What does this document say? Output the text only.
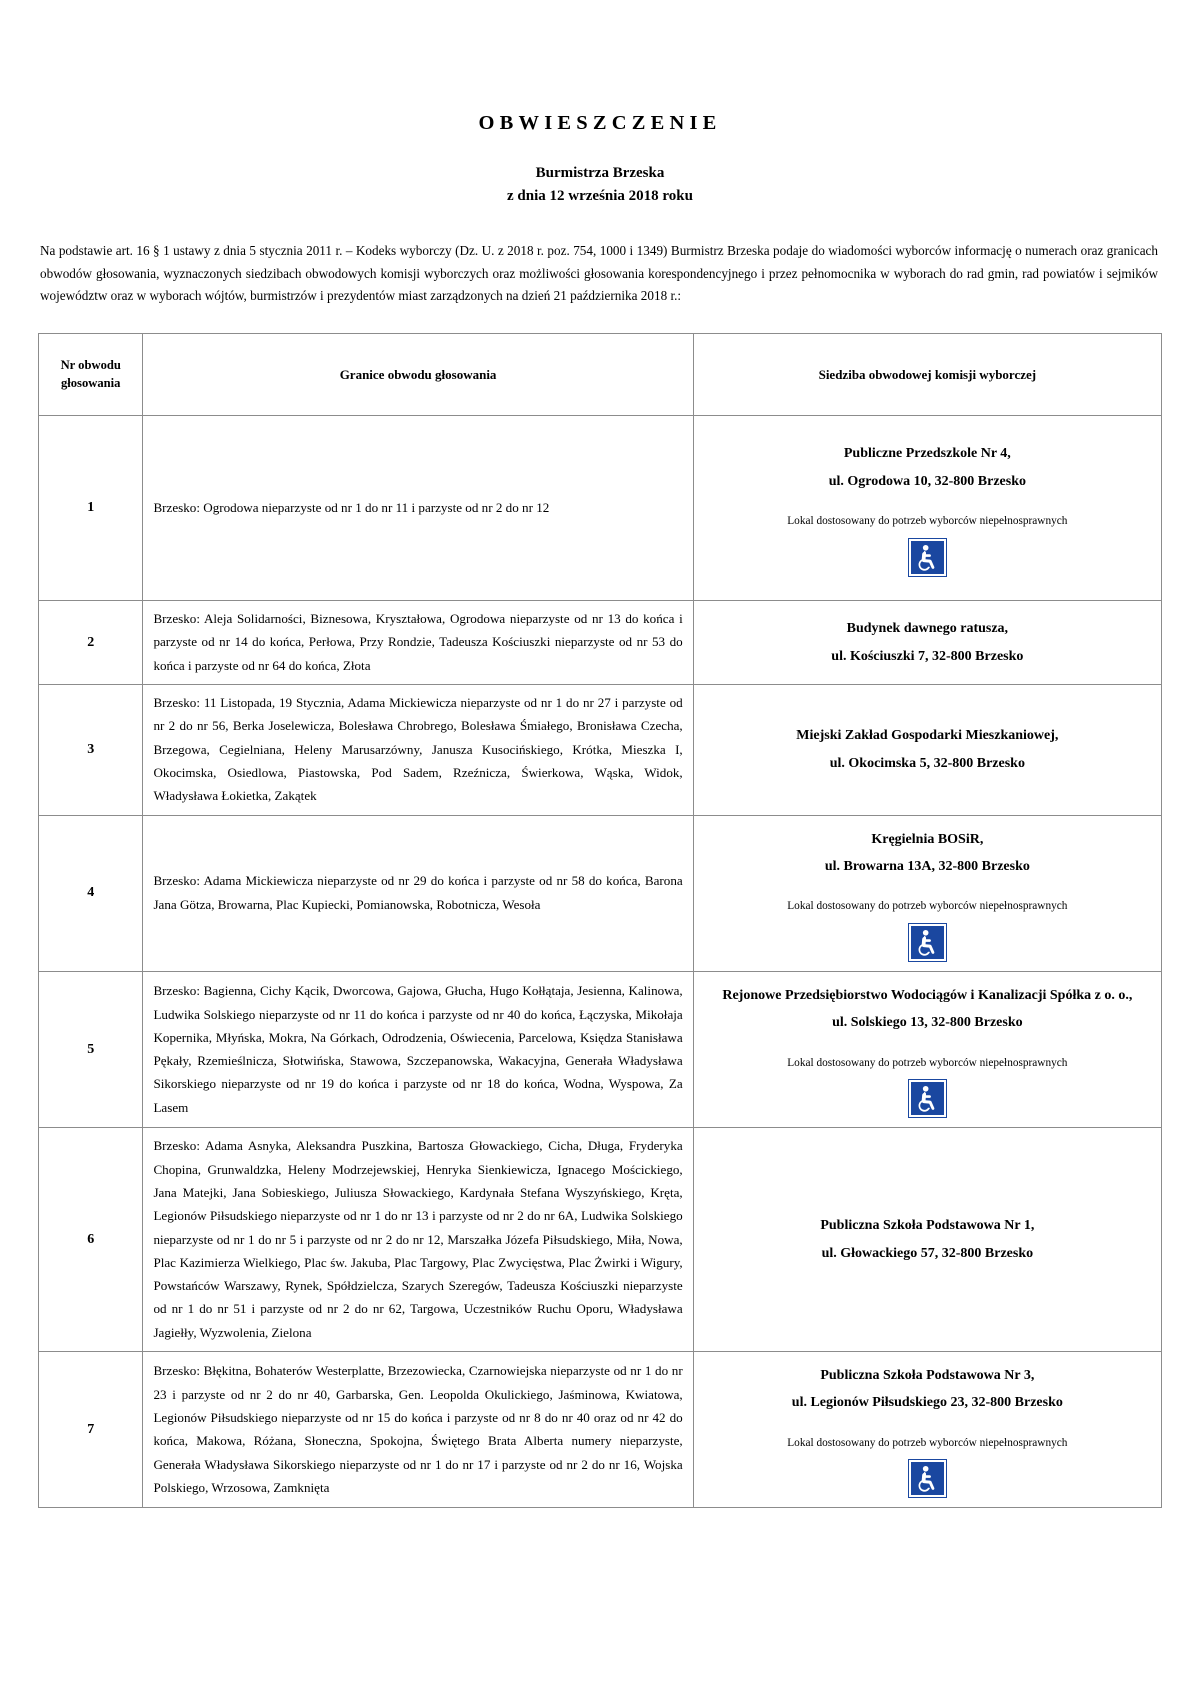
OBWIESZCZENIE
Burmistrza Brzeska
z dnia 12 września 2018 roku

Na podstawie art. 16 § 1 ustawy z dnia 5 stycznia 2011 r. – Kodeks wyborczy (Dz. U. z 2018 r. poz. 754, 1000 i 1349) Burmistrz Brzeska podaje do wiadomości wyborców informację o numerach oraz granicach obwodów głosowania, wyznaczonych siedzibach obwodowych komisji wyborczych oraz możliwości głosowania korespondencyjnego i przez pełnomocnika w wyborach do rad gmin, rad powiatów i sejmików województw oraz w wyborach wójtów, burmistrzów i prezydentów miast zarządzonych na dzień 21 października 2018 r.:

Nr obwodu głosowania	Granice obwodu głosowania	Siedziba obwodowej komisji wyborczej
1	Brzesko: Ogrodowa nieparzyste od nr 1 do nr 11 i parzyste od nr 2 do nr 12	Publiczne Przedszkole Nr 4,
ul. Ogrodowa 10, 32-800 Brzesko
Lokal dostosowany do potrzeb wyborców niepełnosprawnych

2	Brzesko: Aleja Solidarności, Biznesowa, Kryształowa, Ogrodowa nieparzyste od nr 13 do końca i parzyste od nr 14 do końca, Perłowa, Przy Rondzie, Tadeusza Kościuszki nieparzyste od nr 53 do końca i parzyste od nr 64 do końca, Złota	Budynek dawnego ratusza,
ul. Kościuszki 7, 32-800 Brzesko

3	Brzesko: 11 Listopada, 19 Stycznia, Adama Mickiewicza nieparzyste od nr 1 do nr 27 i parzyste od nr 2 do nr 56, Berka Joselewicza, Bolesława Chrobrego, Bolesława Śmiałego, Bronisława Czecha, Brzegowa, Cegielniana, Heleny Marusarzówny, Janusza Kusocińskiego, Krótka, Mieszka I, Okocimska, Osiedlowa, Piastowska, Pod Sadem, Rzeźnicza, Świerkowa, Wąska, Widok, Władysława Łokietka, Zakątek	Miejski Zakład Gospodarki Mieszkaniowej,
ul. Okocimska 5, 32-800 Brzesko

4	Brzesko: Adama Mickiewicza nieparzyste od nr 29 do końca i parzyste od nr 58 do końca, Barona Jana Götza, Browarna, Plac Kupiecki, Pomianowska, Robotnicza, Wesoła	Kręgielnia BOSiR,
ul. Browarna 13A, 32-800 Brzesko
Lokal dostosowany do potrzeb wyborców niepełnosprawnych

5	Brzesko: Bagienna, Cichy Kącik, Dworcowa, Gajowa, Głucha, Hugo Kołłątaja, Jesienna, Kalinowa, Ludwika Solskiego nieparzyste od nr 11 do końca i parzyste od nr 40 do końca, Łączyska, Mikołaja Kopernika, Młyńska, Mokra, Na Górkach, Odrodzenia, Oświecenia, Parcelowa, Księdza Stanisława Pękały, Rzemieślnicza, Słotwińska, Stawowa, Szczepanowska, Wakacyjna, Generała Władysława Sikorskiego nieparzyste od nr 19 do końca i parzyste od nr 18 do końca, Wodna, Wyspowa, Za Lasem	
Rejonowe Przedsiębiorstwo Wodociągów i Kanalizacji Spółka z o. o.,
ul. Solskiego 13, 32-800 Brzesko
Lokal dostosowany do potrzeb wyborców niepełnosprawnych

6	Brzesko: Adama Asnyka, Aleksandra Puszkina, Bartosza Głowackiego, Cicha, Długa, Fryderyka Chopina, Grunwaldzka, Heleny Modrzejewskiej, Henryka Sienkiewicza, Ignacego Mościckiego, Jana Matejki, Jana Sobieskiego, Juliusza Słowackiego, Kardynała Stefana Wyszyńskiego, Kręta, Legionów Piłsudskiego nieparzyste od nr 1 do nr 13 i parzyste od nr 2 do nr 6A, Ludwika Solskiego nieparzyste od nr 1 do nr 5 i parzyste od nr 2 do nr 12, Marszałka Józefa Piłsudskiego, Miła, Nowa, Plac Kazimierza Wielkiego, Plac św. Jakuba, Plac Targowy, Plac Zwycięstwa, Plac Żwirki i Wigury, Powstańców Warszawy, Rynek, Spółdzielcza, Szarych Szeregów, Tadeusza Kościuszki nieparzyste od nr 1 do nr 51 i parzyste od nr 2 do nr 62, Targowa, Uczestników Ruchu Oporu, Władysława Jagiełły, Wyzwolenia, Zielona	Publiczna Szkoła Podstawowa Nr 1,
ul. Głowackiego 57, 32-800 Brzesko

7	Brzesko: Błękitna, Bohaterów Westerplatte, Brzezowiecka, Czarnowiejska nieparzyste od nr 1 do nr 23 i parzyste od nr 2 do nr 40, Garbarska, Gen. Leopolda Okulickiego, Jaśminowa, Kwiatowa, Legionów Piłsudskiego nieparzyste od nr 15 do końca i parzyste od nr 8 do nr 40 oraz od nr 42 do końca, Makowa, Różana, Słoneczna, Spokojna, Świętego Brata Alberta numery nieparzyste, Generała Władysława Sikorskiego nieparzyste od nr 1 do nr 17 i parzyste od nr 2 do nr 16, Wojska Polskiego, Wrzosowa, Zamknięta	
Publiczna Szkoła Podstawowa Nr 3,
ul. Legionów Piłsudskiego 23, 32-800 Brzesko
Lokal dostosowany do potrzeb wyborców niepełnosprawnych
